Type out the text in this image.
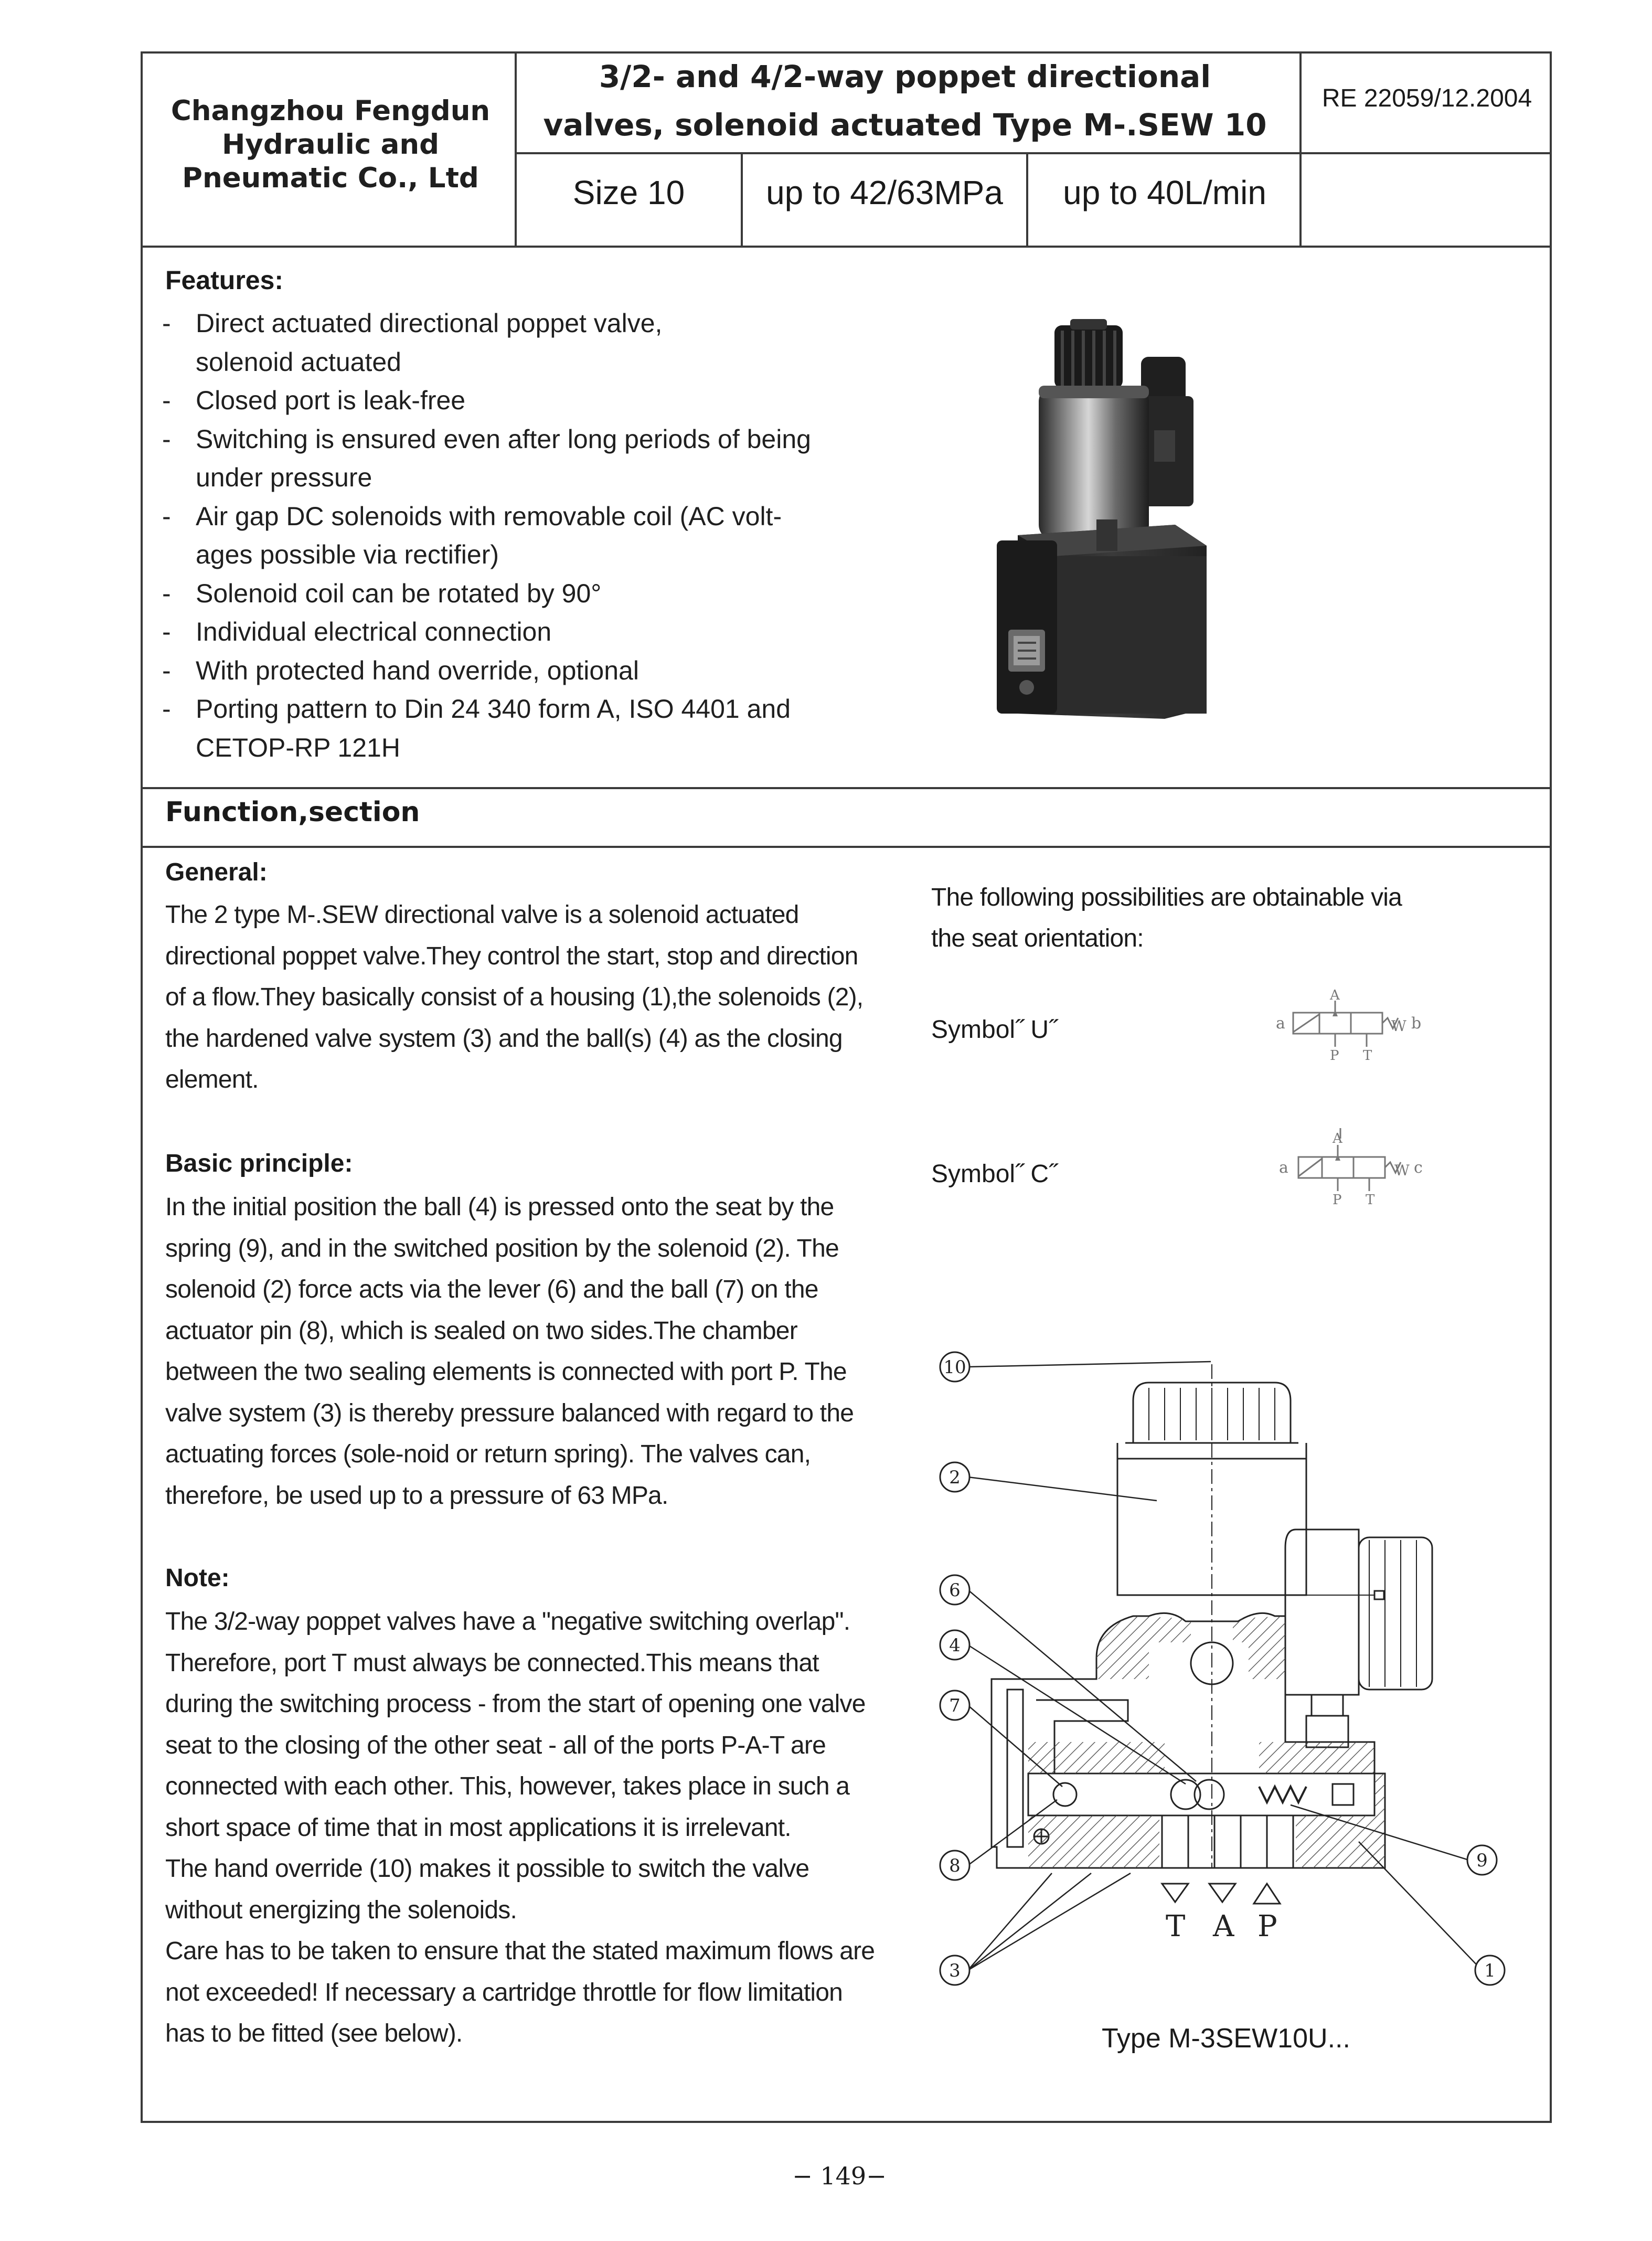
Changzhou Fengdun
Hydraulic and
Pneumatic Co., Ltd
3/2- and 4/2-way poppet directional
valves, solenoid actuated Type M-.SEW 10
RE 22059/12.2004
Size 10	up to 42/63MPa	up to 40L/min
Features:
- Direct actuated directional poppet valve, solenoid actuated
- Closed port is leak-free
- Switching is ensured even after long periods of being under pressure
- Air gap DC solenoids with removable coil (AC volt-ages possible via rectifier)
- Solenoid coil can be rotated by 90°
- Individual electrical connection
- With protected hand override, optional
- Porting pattern to Din 24 340 form A, ISO 4401 and CETOP-RP 121H
Function,section
General:
The 2 type M-.SEW directional valve is a solenoid actuated
directional poppet valve.They control the start, stop and direction
of a flow.They basically consist of a housing (1),the solenoids (2),
the hardened valve system (3) and the ball(s) (4) as the closing
element.
Basic principle:
In the initial position the ball (4) is pressed onto the seat by the
spring (9), and in the switched position by the solenoid (2). The
solenoid (2) force acts via the lever (6) and the ball (7) on the
actuator pin (8), which is sealed on two sides.The chamber
between the two sealing elements is connected with port P. The
valve system (3) is thereby pressure balanced with regard to the
actuating forces (sole-noid or return spring). The valves can,
therefore, be used up to a pressure of 63 MPa.
Note:
The 3/2-way poppet valves have a "negative switching overlap".
Therefore, port T must always be connected.This means that
during the switching process - from the start of opening one valve
seat to the closing of the other seat - all of the ports P-A-T are
connected with each other. This, however, takes place in such a
short space of time that in most applications it is irrelevant.
The hand override (10) makes it possible to switch the valve
without energizing the solenoids.
Care has to be taken to ensure that the stated maximum flows are
not exceeded! If necessary a cartridge throttle for flow limitation
has to be fitted (see below).
The following possibilities are obtainable via
the seat orientation:
Symbol˝ U˝
Symbol˝ C˝
a
A
P T
W b
a
A
P T
W c
T A P
10
2
6
4
7
8	9
3	1
Type M-3SEW10U...
− 149−
